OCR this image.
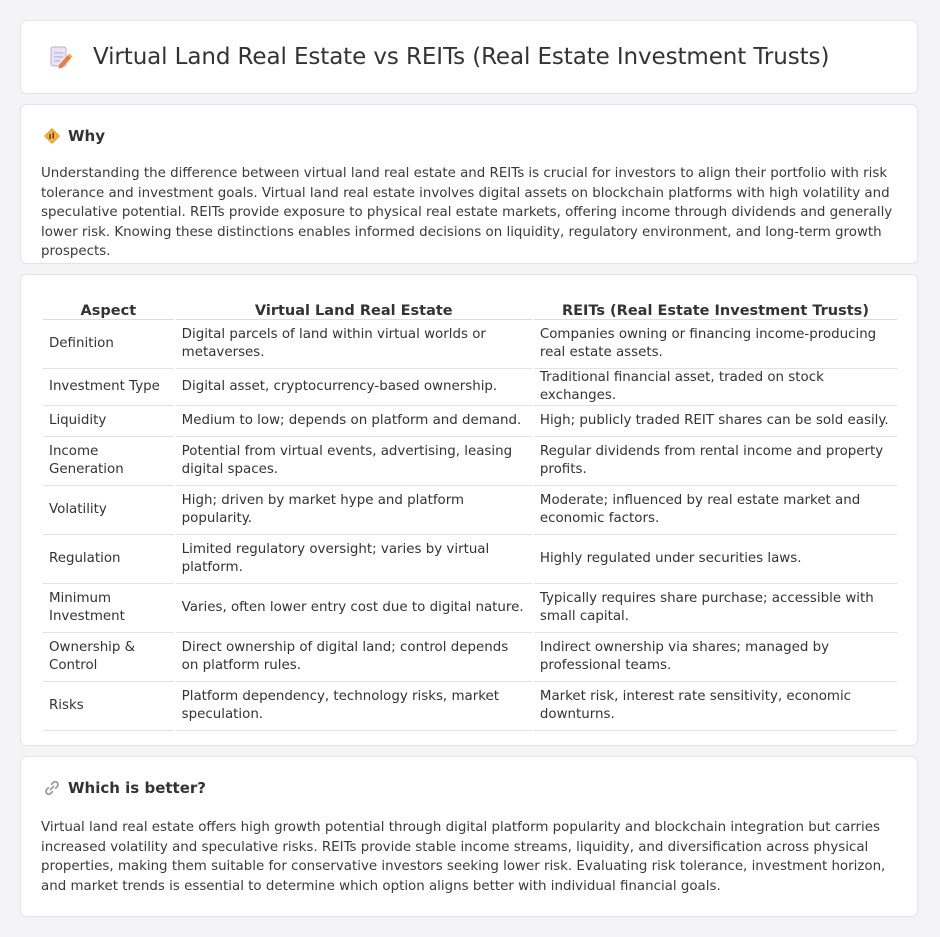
Virtual Land Real Estate vs REITs (Real Estate Investment Trusts)
Why

Understanding the difference between virtual land real estate and REITs is crucial for investors to align their portfolio with risk tolerance and investment goals. Virtual land real estate involves digital assets on blockchain platforms with high volatility and speculative potential. REITs provide exposure to physical real estate markets, offering income through dividends and generally lower risk. Knowing these distinctions enables informed decisions on liquidity, regulatory environment, and long-term growth prospects.

Aspect	Virtual Land Real Estate	REITs (Real Estate Investment Trusts)
Definition	Digital parcels of land within virtual worlds or metaverses.	Companies owning or financing income-producing real estate assets.
Investment Type	Digital asset, cryptocurrency-based ownership.	Traditional financial asset, traded on stock exchanges.
Liquidity	Medium to low; depends on platform and demand.	High; publicly traded REIT shares can be sold easily.
Income Generation	Potential from virtual events, advertising, leasing digital spaces.	Regular dividends from rental income and property profits.
Volatility	High; driven by market hype and platform popularity.	Moderate; influenced by real estate market and economic factors.
Regulation	Limited regulatory oversight; varies by virtual platform.	Highly regulated under securities laws.
Minimum Investment	Varies, often lower entry cost due to digital nature.	Typically requires share purchase; accessible with small capital.
Ownership & Control	Direct ownership of digital land; control depends on platform rules.	Indirect ownership via shares; managed by professional teams.
Risks	Platform dependency, technology risks, market speculation.	Market risk, interest rate sensitivity, economic downturns.
Which is better?

Virtual land real estate offers high growth potential through digital platform popularity and blockchain integration but carries increased volatility and speculative risks. REITs provide stable income streams, liquidity, and diversification across physical properties, making them suitable for conservative investors seeking lower risk. Evaluating risk tolerance, investment horizon, and market trends is essential to determine which option aligns better with individual financial goals.
